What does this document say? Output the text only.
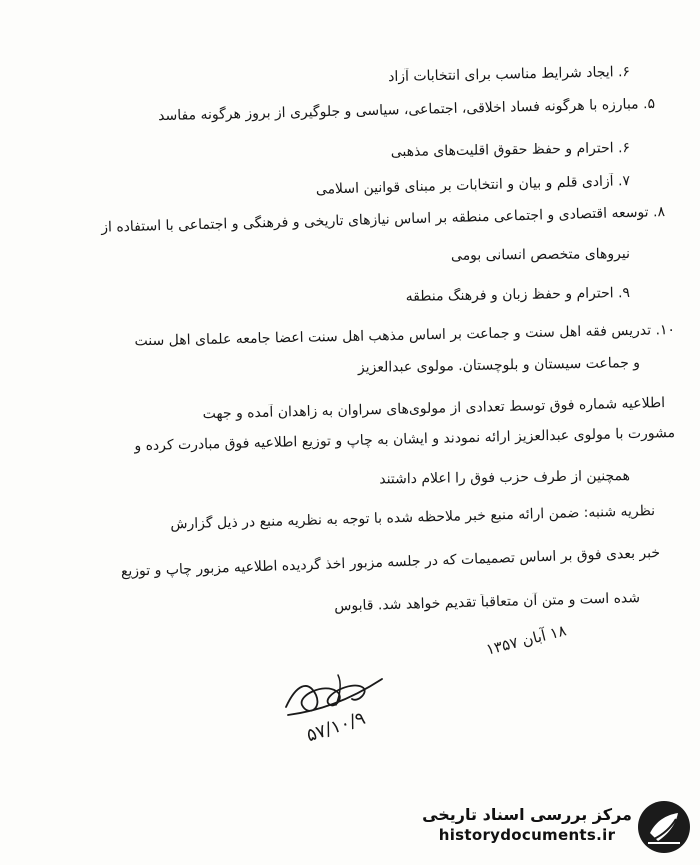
۶. ایجاد شرایط مناسب برای انتخابات آزاد
۵. مبارزه با هرگونه فساد اخلاقی، اجتماعی، سیاسی و جلوگیری از بروز هرگونه مفاسد
۶. احترام و حفظ حقوق اقلیت‌های مذهبی
۷. آزادی قلم و بیان و انتخابات بر مبنای قوانین اسلامی
۸. توسعه اقتصادی و اجتماعی منطقه بر اساس نیازهای تاریخی و فرهنگی و اجتماعی با استفاده از
نیروهای متخصص انسانی بومی
۹. احترام و حفظ زبان و فرهنگ منطقه
۱۰. تدریس فقه اهل سنت و جماعت بر اساس مذهب اهل سنت اعضا جامعه علمای اهل سنت
و جماعت سیستان و بلوچستان. مولوی عبدالعزیز
اطلاعیه شماره فوق توسط تعدادی از مولوی‌های سراوان به زاهدان آمده و جهت
مشورت با مولوی عبدالعزیز ارائه نمودند و ایشان به چاپ و توزیع اطلاعیه فوق مبادرت کرده و
همچنین از طرف حزب فوق را اعلام داشتند
نظریه شنبه: ضمن ارائه منبع خبر ملاحظه شده با توجه به نظریه منبع در ذیل گزارش
خبر بعدی فوق بر اساس تصمیمات که در جلسه مزبور اخذ گردیده اطلاعیه مزبور چاپ و توزیع
شده است و متن آن متعاقباً تقدیم خواهد شد. قابوس
۱۸ آبان ۱۳۵۷
۵۷/۱۰/۹
مرکز بررسی اسناد تاریخی
historydocuments.ir
